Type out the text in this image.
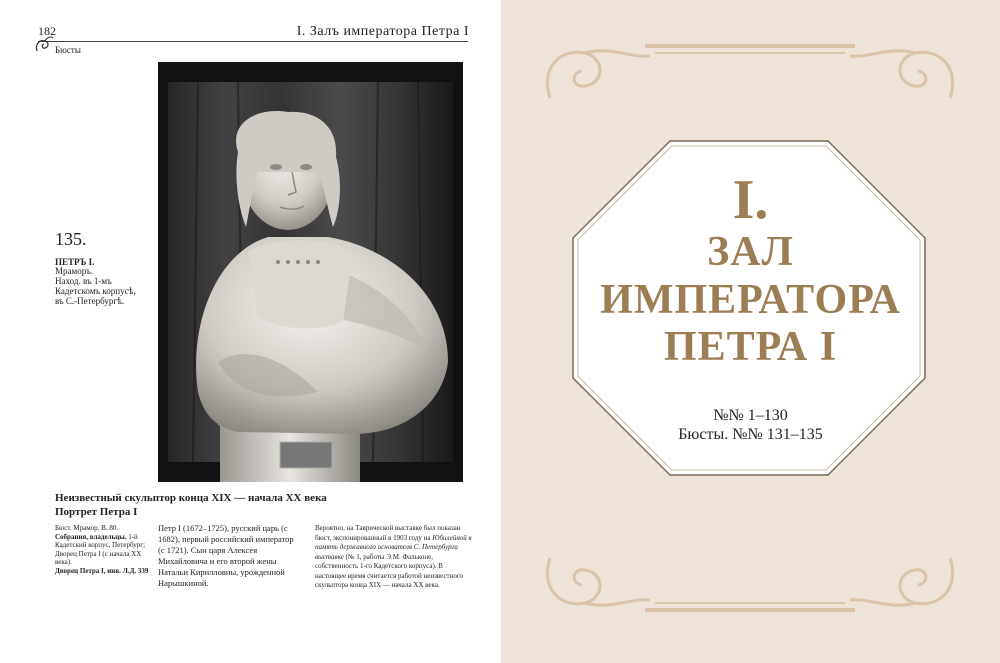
182	I. Залъ императора Петра I
Бюсты
135.
ПЕТРЪ I.
Мраморъ.
Наход. въ 1-мъ
Кадетскомъ корпусѣ,
въ С.-Петербургѣ.
Неизвестный скульптор конца XIX — начала XX века
Портрет Петра I
Бюст. Мрамор. В. 80.
Собрания, владельцы. 1-й Кадетский корпус, Петербург; Дворец Петра I (с начала XX века).
Дворец Петра I, инв. Л.Д. 339
Петр I (1672–1725), русский царь (с 1682), первый российский император (с 1721). Сын царя Алексея Михайловича и его второй жены Натальи Кирилловны, урожденной Нарышкиной.
Вероятно, на Таврической выставке был показан бюст, экспонированный в 1903 году на Юбилейной в память державного основателя С. Петербурга выставке (№ 1, работы Э.М. Фальконе, собственность 1-го Кадетского корпуса). В настоящее время считается работой неизвестного скульптора конца XIX — начала XX века.
I.
ЗАЛ
ИМПЕРАТОРА
ПЕТРА I
№№ 1–130
Бюсты. №№ 131–135
